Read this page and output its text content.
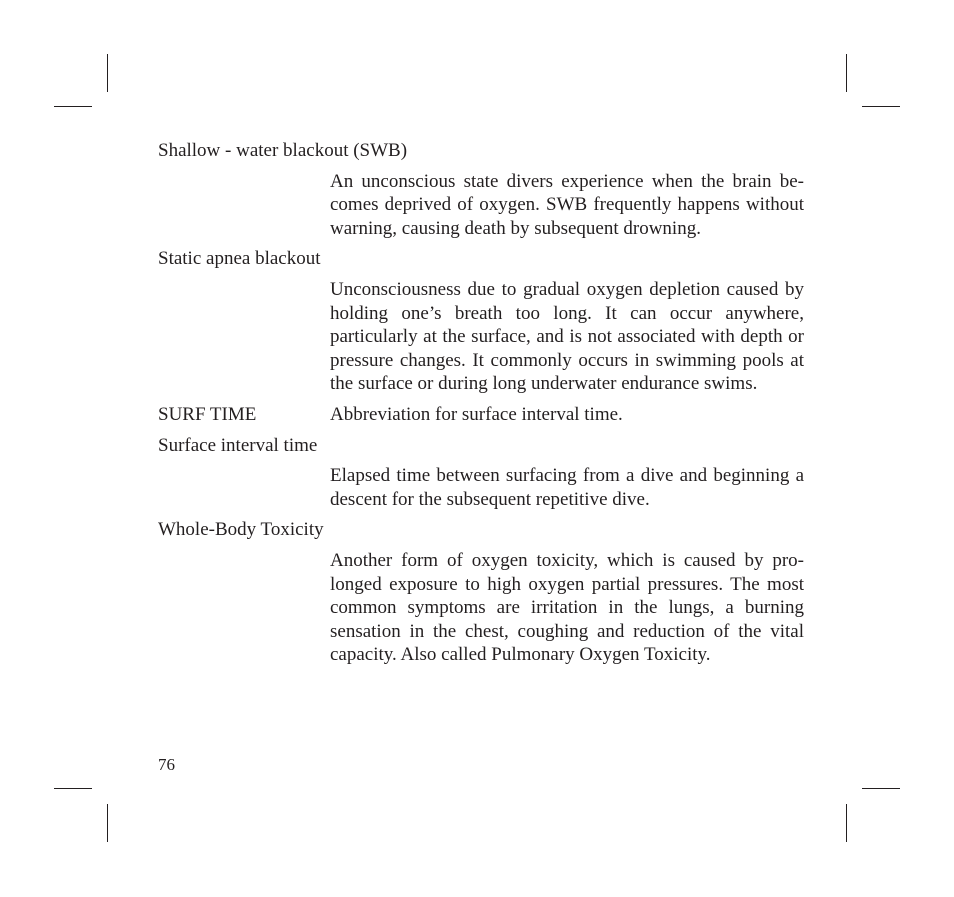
Shallow - water blackout (SWB)

An unconscious state divers experience when the brain becomes deprived of oxygen. SWB frequently happens without warning, causing death by subsequent drowning.

Static apnea blackout

Unconsciousness due to gradual oxygen depletion caused by holding one’s breath too long. It can occur anywhere, particularly at the surface, and is not associated with depth or pressure changes. It commonly occurs in swimming pools at the surface or during long underwater endurance swims.

SURF TIME	Abbreviation for surface interval time.

Surface interval time

Elapsed time between surfacing from a dive and beginning a descent for the subsequent repetitive dive.

Whole-Body Toxicity

Another form of oxygen toxicity, which is caused by prolonged exposure to high oxygen partial pressures. The most common symptoms are irritation in the lungs, a burning sensation in the chest, coughing and reduction of the vital capacity. Also called Pulmonary Oxygen Toxicity.

76
